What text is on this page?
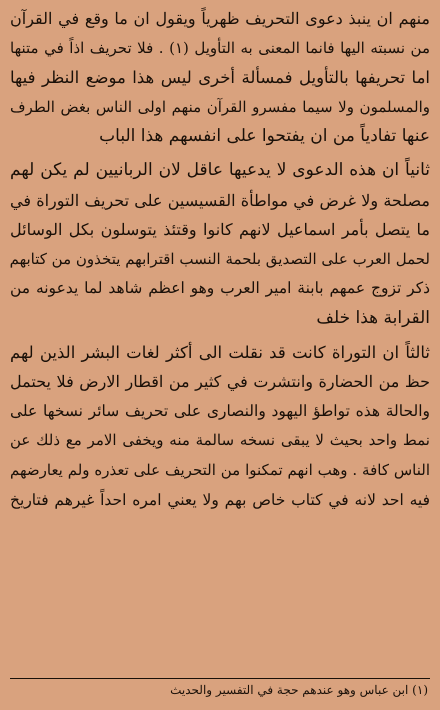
منهم ان ينبذ دعوى التحريف ظهرياً ويقول ان ما وقع في القرآن
من نسبته اليها فانما المعنى به التأويل (١) . فلا تحريف اذاً في متنها
اما تحريفها بالتأويل فمسألة أخرى ليس هذا موضع النظر فيها
والمسلمون ولا سيما مفسرو القرآن منهم اولى الناس بغض الطرف
عنها تفادياً من ان يفتحوا على انفسهم هذا الباب
ثانياً ان هذه الدعوى لا يدعيها عاقل لان الربانيين لم يكن لهم
مصلحة ولا غرض في مواطأة القسيسين على تحريف التوراة في
ما يتصل بأمر اسماعيل لانهم كانوا وقتئذ يتوسلون بكل الوسائل
لحمل العرب على التصديق بلحمة النسب اقترابهم يتخذون من كتابهم
ذكر تزوج عمهم بابنة امير العرب وهو اعظم شاهد لما يدعونه من
القرابة هذا خلف
ثالثاً ان التوراة كانت قد نقلت الى أكثر لغات البشر الذين لهم
حظ من الحضارة وانتشرت في كثير من اقطار الارض فلا يحتمل
والحالة هذه تواطؤ اليهود والنصارى على تحريف سائر نسخها على
نمط واحد بحيث لا يبقى نسخه سالمة منه ويخفى الامر مع ذلك عن
الناس كافة . وهب انهم تمكنوا من التحريف على تعذره ولم يعارضهم
فيه احد لانه في كتاب خاص بهم ولا يعني امره احداً غيرهم فتاريخ
(١) ابن عباس وهو عندهم حجة في التفسير والحديث
